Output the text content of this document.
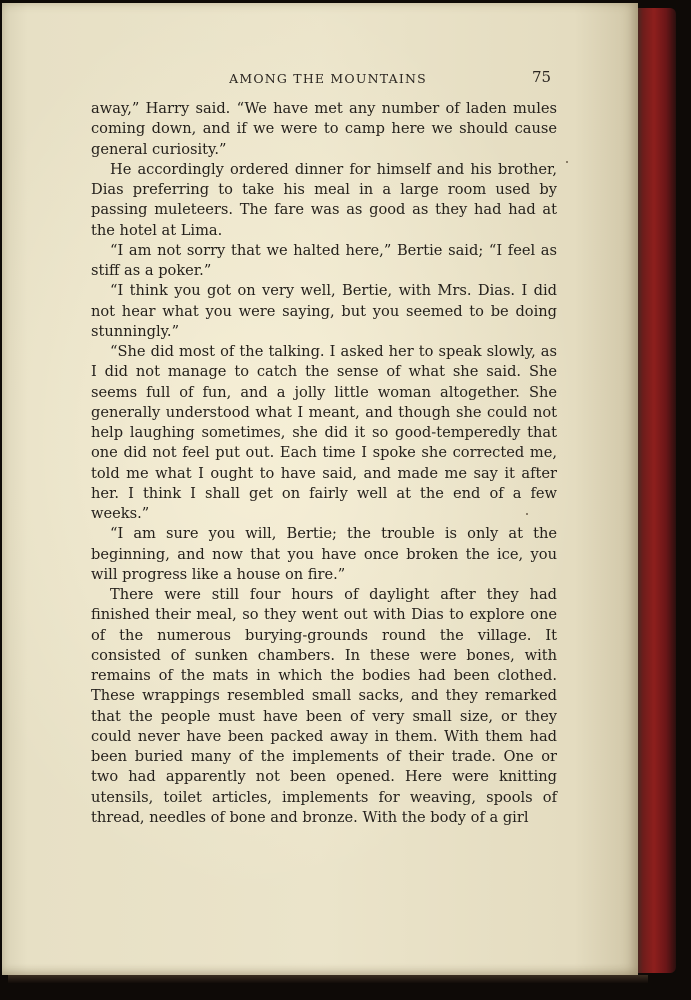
AMONG THE MOUNTAINS	75

away,” Harry said. “We have met any number of laden mules coming down, and if we were to camp here we should cause general curiosity.”

He accordingly ordered dinner for himself and his brother, Dias preferring to take his meal in a large room used by passing muleteers. The fare was as good as they had had at the hotel at Lima.

“I am not sorry that we halted here,” Bertie said; “I feel as stiff as a poker.”

“I think you got on very well, Bertie, with Mrs. Dias. I did not hear what you were saying, but you seemed to be doing stunningly.”

“She did most of the talking. I asked her to speak slowly, as I did not manage to catch the sense of what she said. She seems full of fun, and a jolly little woman altogether. She generally understood what I meant, and though she could not help laughing sometimes, she did it so good-temperedly that one did not feel put out. Each time I spoke she corrected me, told me what I ought to have said, and made me say it after her. I think I shall get on fairly well at the end of a few weeks.”

“I am sure you will, Bertie; the trouble is only at the beginning, and now that you have once broken the ice, you will progress like a house on fire.”

There were still four hours of daylight after they had finished their meal, so they went out with Dias to explore one of the numerous burying-grounds round the village. It consisted of sunken chambers. In these were bones, with remains of the mats in which the bodies had been clothed. These wrappings resembled small sacks, and they remarked that the people must have been of very small size, or they could never have been packed away in them. With them had been buried many of the implements of their trade. One or two had apparently not been opened. Here were knitting utensils, toilet articles, implements for weaving, spools of thread, needles of bone and bronze. With the body of a girl
